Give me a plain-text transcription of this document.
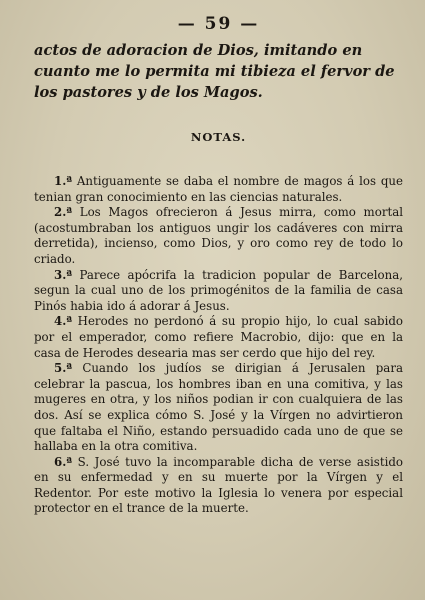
— 59 —

actos de adoracion de Dios, imitando en

cuanto me lo permita mi tibieza el fervor de

los pastores y de los Magos.

NOTAS.

1.ª Antiguamente se daba el nombre de magos á los que tenian gran conocimiento en las ciencias naturales.

2.ª Los Magos ofrecieron á Jesus mirra, como mortal (acostumbraban los antiguos ungir los cadáveres con mirra derretida), incienso, como Dios, y oro como rey de todo lo criado.

3.ª Parece apócrifa la tradicion popular de Barcelona, segun la cual uno de los primogénitos de la familia de casa Pinós habia ido á adorar á Jesus.

4.ª Herodes no perdonó á su propio hijo, lo cual sabido por el emperador, como refiere Macrobio, dijo: que en la casa de Herodes desearia mas ser cerdo que hijo del rey.

5.ª Cuando los judíos se dirigian á Jerusalen para celebrar la pascua, los hombres iban en una comitiva, y las mugeres en otra, y los niños podian ir con cualquiera de las dos. Así se explica cómo S. José y la Vírgen no advirtieron que faltaba el Niño, estando persuadido cada uno de que se hallaba en la otra comitiva.

6.ª S. José tuvo la incomparable dicha de verse asistido en su enfermedad y en su muerte por la Vírgen y el Redentor. Por este motivo la Iglesia lo venera por especial protector en el trance de la muerte.
